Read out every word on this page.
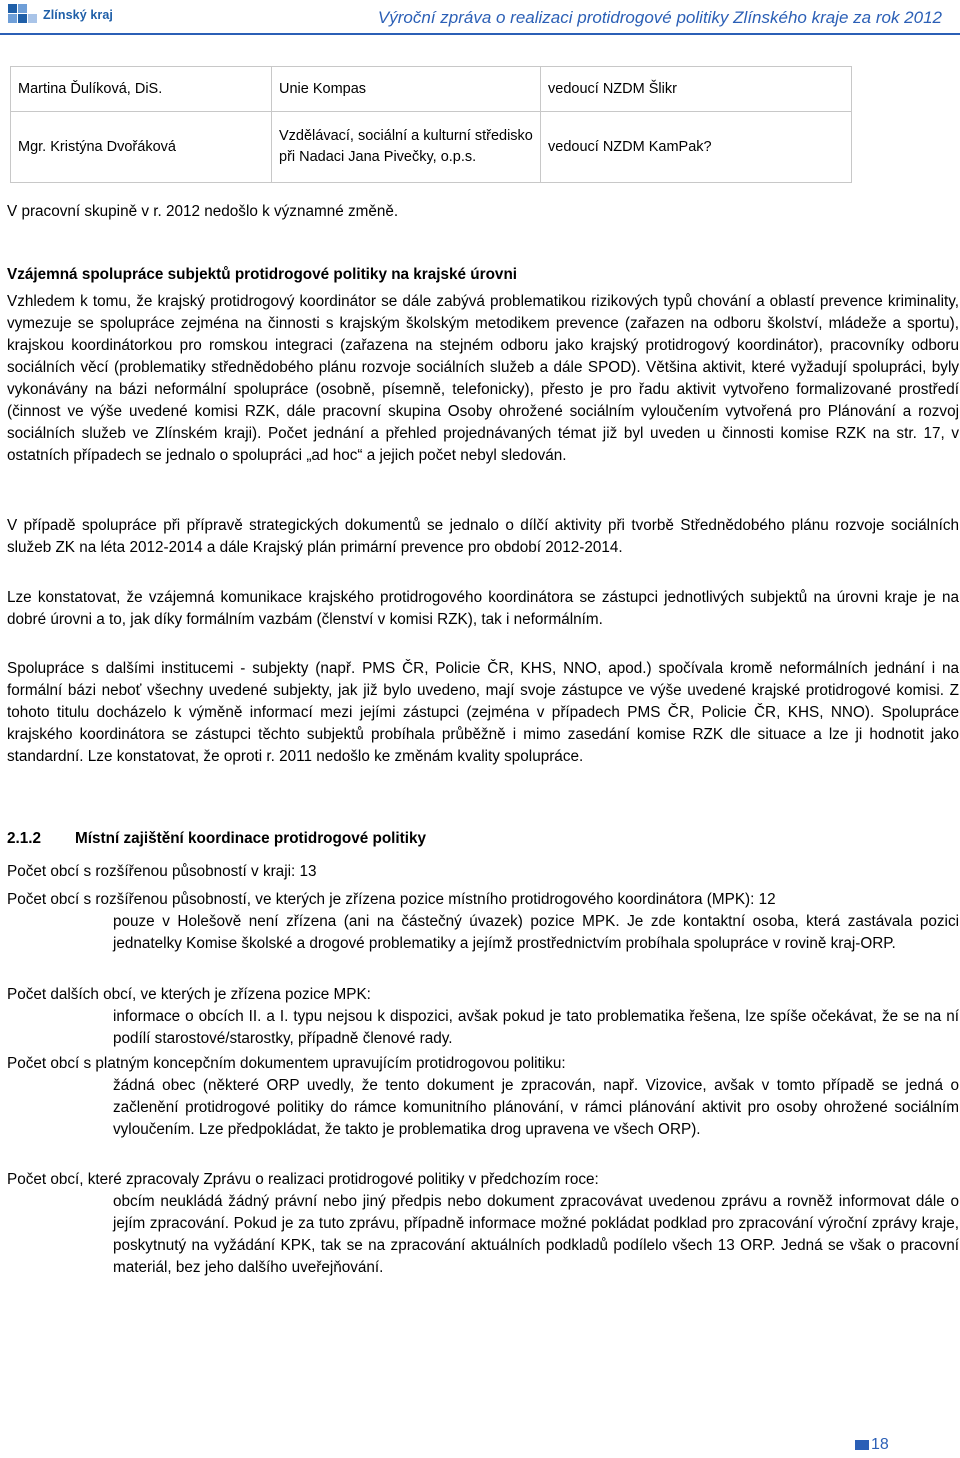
Zlínský kraj	Výroční zpráva o realizaci protidrogové politiky Zlínského kraje za rok 2012
Martina Ďulíková, DiS.	Unie Kompas	vedoucí NZDM Šlikr
Mgr. Kristýna Dvořáková	Vzdělávací, sociální a kulturní středisko při Nadaci Jana Pivečky, o.p.s.	vedoucí NZDM KamPak?

V pracovní skupině v r. 2012 nedošlo k významné změně.

Vzájemná spolupráce subjektů protidrogové politiky na krajské úrovni

Vzhledem k tomu, že krajský protidrogový koordinátor se dále zabývá problematikou rizikových typů chování a oblastí prevence kriminality, vymezuje se spolupráce zejména na činnosti s krajským školským metodikem prevence (zařazen na odboru školství, mládeže a sportu), krajskou koordinátorkou pro romskou integraci (zařazena na stejném odboru jako krajský protidrogový koordinátor), pracovníky odboru sociálních věcí (problematiky střednědobého plánu rozvoje sociálních služeb a dále SPOD). Většina aktivit, které vyžadují spolupráci, byly vykonávány na bázi neformální spolupráce (osobně, písemně, telefonicky), přesto je pro řadu aktivit vytvořeno formalizované prostředí (činnost ve výše uvedené komisi RZK, dále pracovní skupina Osoby ohrožené sociálním vyloučením vytvořená pro Plánování a rozvoj sociálních služeb ve Zlínském kraji). Počet jednání a přehled projednávaných témat již byl uveden u činnosti komise RZK na str. 17, v ostatních případech se jednalo o spolupráci „ad hoc“ a jejich počet nebyl sledován.

V případě spolupráce při přípravě strategických dokumentů se jednalo o dílčí aktivity při tvorbě Střednědobého plánu rozvoje sociálních služeb ZK na léta 2012-2014 a dále Krajský plán primární prevence pro období 2012-2014.

Lze konstatovat, že vzájemná komunikace krajského protidrogového koordinátora se zástupci jednotlivých subjektů na úrovni kraje je na dobré úrovni a to, jak díky formálním vazbám (členství v komisi RZK), tak i neformálním.

Spolupráce s dalšími institucemi - subjekty (např. PMS ČR, Policie ČR, KHS, NNO, apod.) spočívala kromě neformálních jednání i na formální bázi neboť všechny uvedené subjekty, jak již bylo uvedeno, mají svoje zástupce ve výše uvedené krajské protidrogové komisi. Z tohoto titulu docházelo k výměně informací mezi jejími zástupci (zejména v případech PMS ČR, Policie ČR, KHS, NNO). Spolupráce krajského koordinátora se zástupci těchto subjektů probíhala průběžně i mimo zasedání komise RZK dle situace a lze ji hodnotit jako standardní. Lze konstatovat, že oproti r. 2011 nedošlo ke změnám kvality spolupráce.

2.1.2 Místní zajištění koordinace protidrogové politiky

Počet obcí s rozšířenou působností v kraji: 13

Počet obcí s rozšířenou působností, ve kterých je zřízena pozice místního protidrogového koordinátora (MPK): 12

pouze v Holešově není zřízena (ani na částečný úvazek) pozice MPK. Je zde kontaktní osoba, která zastávala pozici jednatelky Komise školské a drogové problematiky a jejímž prostřednictvím probíhala spolupráce v rovině kraj-ORP.

Počet dalších obcí, ve kterých je zřízena pozice MPK:

informace o obcích II. a I. typu nejsou k dispozici, avšak pokud je tato problematika řešena, lze spíše očekávat, že se na ní podílí starostové/starostky, případně členové rady.

Počet obcí s platným koncepčním dokumentem upravujícím protidrogovou politiku:

žádná obec (některé ORP uvedly, že tento dokument je zpracován, např. Vizovice, avšak v tomto případě se jedná o začlenění protidrogové politiky do rámce komunitního plánování, v rámci plánování aktivit pro osoby ohrožené sociálním vyloučením. Lze předpokládat, že takto je problematika drog upravena ve všech ORP).

Počet obcí, které zpracovaly Zprávu o realizaci protidrogové politiky v předchozím roce:

obcím neukládá žádný právní nebo jiný předpis nebo dokument zpracovávat uvedenou zprávu a rovněž informovat dále o jejím zpracování. Pokud je za tuto zprávu, případně informace možné pokládat podklad pro zpracování výroční zprávy kraje, poskytnutý na vyžádání KPK, tak se na zpracování aktuálních podkladů podílelo všech 13 ORP. Jedná se však o pracovní materiál, bez jeho dalšího uveřejňování.

18
